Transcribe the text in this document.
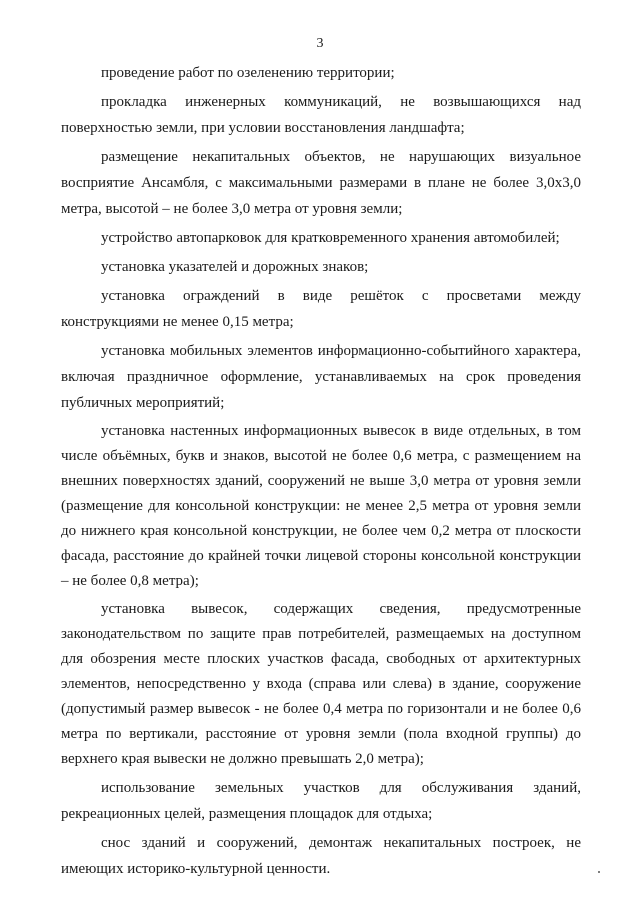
3

проведение работ по озеленению территории;

прокладка инженерных коммуникаций, не возвышающихся над поверхностью земли, при условии восстановления ландшафта;

размещение некапитальных объектов, не нарушающих визуальное восприятие Ансамбля, с максимальными размерами в плане не более 3,0х3,0 метра, высотой – не более 3,0 метра от уровня земли;

устройство автопарковок для кратковременного хранения автомобилей;

установка указателей и дорожных знаков;

установка ограждений в виде решёток с просветами между конструкциями не менее 0,15 метра;

установка мобильных элементов информационно-событийного характера, включая праздничное оформление, устанавливаемых на срок проведения публичных мероприятий;

установка настенных информационных вывесок в виде отдельных, в том числе объёмных, букв и знаков, высотой не более 0,6 метра, с размещением на внешних поверхностях зданий, сооружений не выше 3,0 метра от уровня земли (размещение для консольной конструкции: не менее 2,5 метра от уровня земли до нижнего края консольной конструкции, не более чем 0,2 метра от плоскости фасада, расстояние до крайней точки лицевой стороны консольной конструкции – не более 0,8 метра);

установка вывесок, содержащих сведения, предусмотренные законодательством по защите прав потребителей, размещаемых на доступном для обозрения месте плоских участков фасада, свободных от архитектурных элементов, непосредственно у входа (справа или слева) в здание, сооружение (допустимый размер вывесок - не более 0,4 метра по горизонтали и не более 0,6 метра по вертикали, расстояние от уровня земли (пола входной группы) до верхнего края вывески не должно превышать 2,0 метра);

использование земельных участков для обслуживания зданий, рекреационных целей, размещения площадок для отдыха;

снос зданий и сооружений, демонтаж некапитальных построек, не имеющих историко-культурной ценности.
